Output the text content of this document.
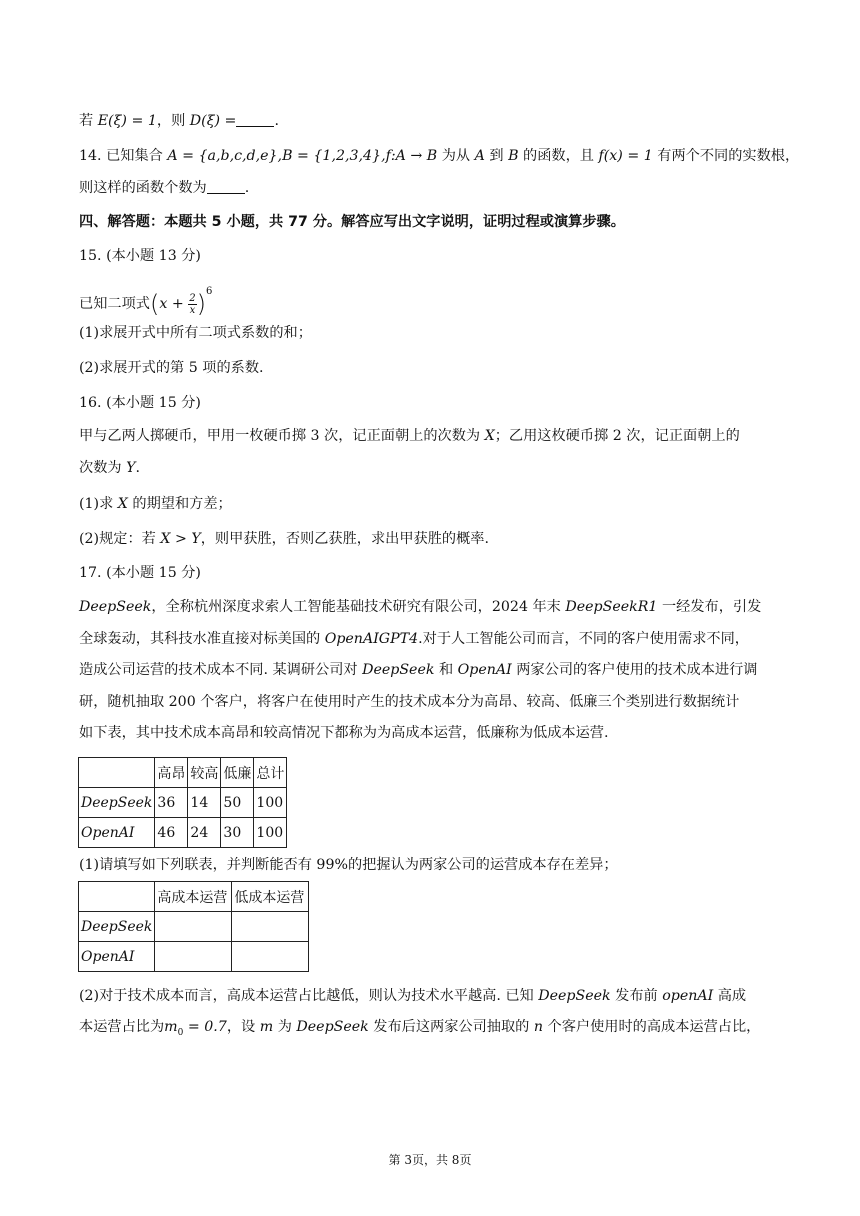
若 E(ξ) = 1，则 D(ξ) =	.
14. 已知集合 A = {a,b,c,d,e},B = {1,2,3,4},f:A → B 为从 A 到 B 的函数，且 f(x) = 1 有两个不同的实数根，
则这样的函数个数为	.
四、解答题：本题共 5 小题，共 77 分。解答应写出文字说明，证明过程或演算步骤。
15. (本小题 13 分)
已知二项式$(x + \frac{2}{x} )^6$
(1)求展开式中所有二项式系数的和；
(2)求展开式的第 5 项的系数.
16. (本小题 15 分)
甲与乙两人掷硬币，甲用一枚硬币掷 3 次，记正面朝上的次数为 X；乙用这枚硬币掷 2 次，记正面朝上的
次数为 Y.
(1)求 X 的期望和方差；
(2)规定：若 X > Y，则甲获胜，否则乙获胜，求出甲获胜的概率.
17. (本小题 15 分)
DeepSeek，全称杭州深度求索人工智能基础技术研究有限公司，2024 年末 DeepSeekR1 一经发布，引发
全球轰动，其科技水准直接对标美国的 OpenAIGPT4.对于人工智能公司而言，不同的客户使用需求不同，
造成公司运营的技术成本不同. 某调研公司对 DeepSeek 和 OpenAI 两家公司的客户使用的技术成本进行调
研，随机抽取 200 个客户，将客户在使用时产生的技术成本分为高昂、较高、低廉三个类别进行数据统计
如下表，其中技术成本高昂和较高情况下都称为为高成本运营，低廉称为低成本运营.
	高昂	较高	低廉	总计
DeepSeek	36	14	50	100
OpenAI	46	24	30	100
(1)请填写如下列联表，并判断能否有 99%的把握认为两家公司的运营成本存在差异；
	高成本运营	低成本运营
DeepSeek		
OpenAI		
(2)对于技术成本而言，高成本运营占比越低，则认为技术水平越高. 已知 DeepSeek 发布前 openAI 高成
本运营占比为$m_0 = 0.7$，设 m 为 DeepSeek 发布后这两家公司抽取的 n 个客户使用时的高成本运营占比，
第 3页，共 8页
